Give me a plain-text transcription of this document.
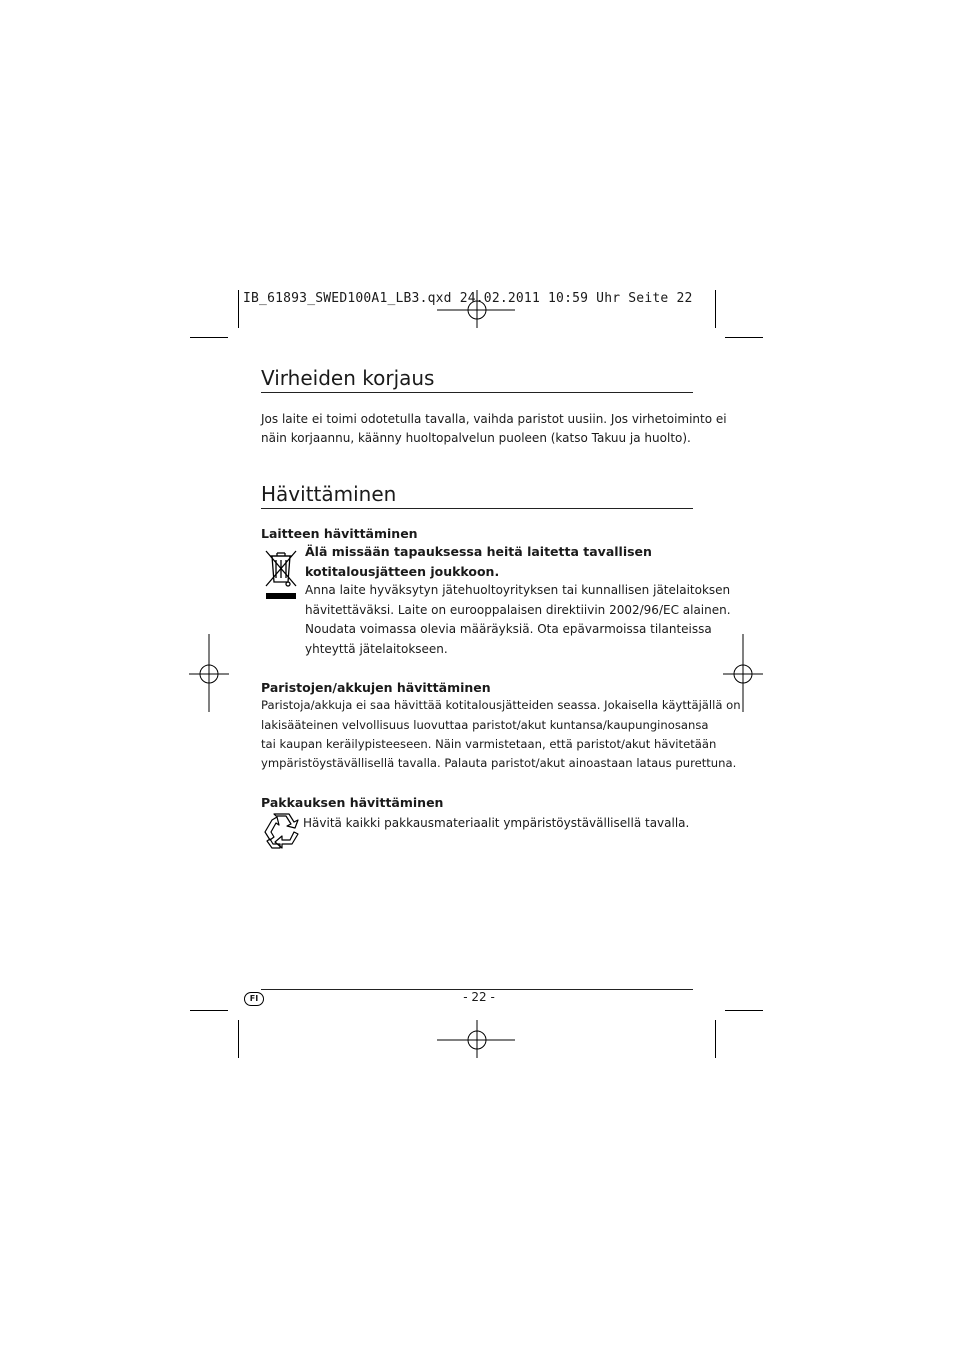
IB_61893_SWED100A1_LB3.qxd 24.02.2011 10:59 Uhr Seite 22
Virheiden korjaus
Jos laite ei toimi odotetulla tavalla, vaihda paristot uusiin. Jos virhetoiminto ei
näin korjaannu, käänny huoltopalvelun puoleen (katso Takuu ja huolto).
Hävittäminen
Laitteen hävittäminen
Älä missään tapauksessa heitä laitetta tavallisen
kotitalousjätteen joukkoon.
Anna laite hyväksytyn jätehuoltoyrityksen tai kunnallisen jätelaitoksen
hävitettäväksi. Laite on eurooppalaisen direktiivin 2002/96/EC alainen.
Noudata voimassa olevia määräyksiä. Ota epävarmoissa tilanteissa
yhteyttä jätelaitokseen.
Paristojen/akkujen hävittäminen
Paristoja/akkuja ei saa hävittää kotitalousjätteiden seassa. Jokaisella käyttäjällä on
lakisääteinen velvollisuus luovuttaa paristot/akut kuntansa/kaupunginosansa
tai kaupan keräilypisteeseen. Näin varmistetaan, että paristot/akut hävitetään
ympäristöystävällisellä tavalla. Palauta paristot/akut ainoastaan lataus purettuna.
Pakkauksen hävittäminen
Hävitä kaikki pakkausmateriaalit ympäristöystävällisellä tavalla.
FI	- 22 -
